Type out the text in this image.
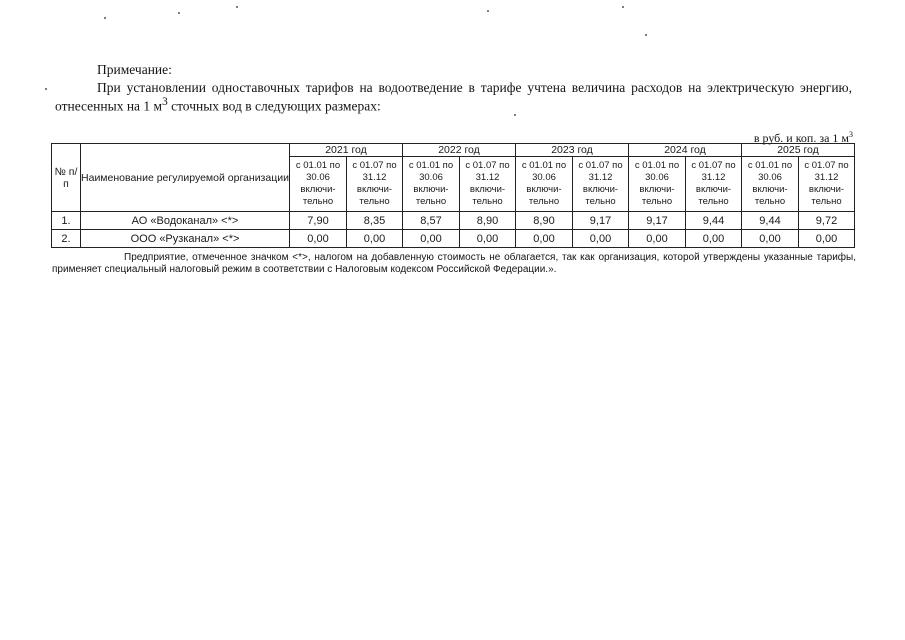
Примечание:
При установлении одноставочных тарифов на водоотведение в тарифе учтена величина расходов на электрическую энергию, отнесенных на 1 $м^3$ сточных вод в следующих размерах:
в руб. и коп. за 1 $м^3$
№ п/п	Наименование регулируемой организации	2021 год		2022 год		2023 год		2024 год		2025 год	
		с 01.01 по 30.06 включи-тельно	с 01.07 по 31.12 включи-тельно	с 01.01 по 30.06 включи-тельно	с 01.07 по 31.12 включи-тельно	с 01.01 по 30.06 включи-тельно	с 01.07 по 31.12 включи-тельно	с 01.01 по 30.06 включи-тельно	с 01.07 по 31.12 включи-тельно	с 01.01 по 30.06 включи-тельно	с 01.07 по 31.12 включи-тельно
1.	АО «Водоканал» <*>	7,90	8,35	8,57	8,90	8,90	9,17	9,17	9,44	9,44	9,72
2.	ООО «Рузканал» <*>	0,00	0,00	0,00	0,00	0,00	0,00	0,00	0,00	0,00	0,00
Предприятие, отмеченное значком <*>, налогом на добавленную стоимость не облагается, так как организация, которой утверждены указанные тарифы, применяет специальный налоговый режим в соответствии с Налоговым кодексом Российской Федерации.».
